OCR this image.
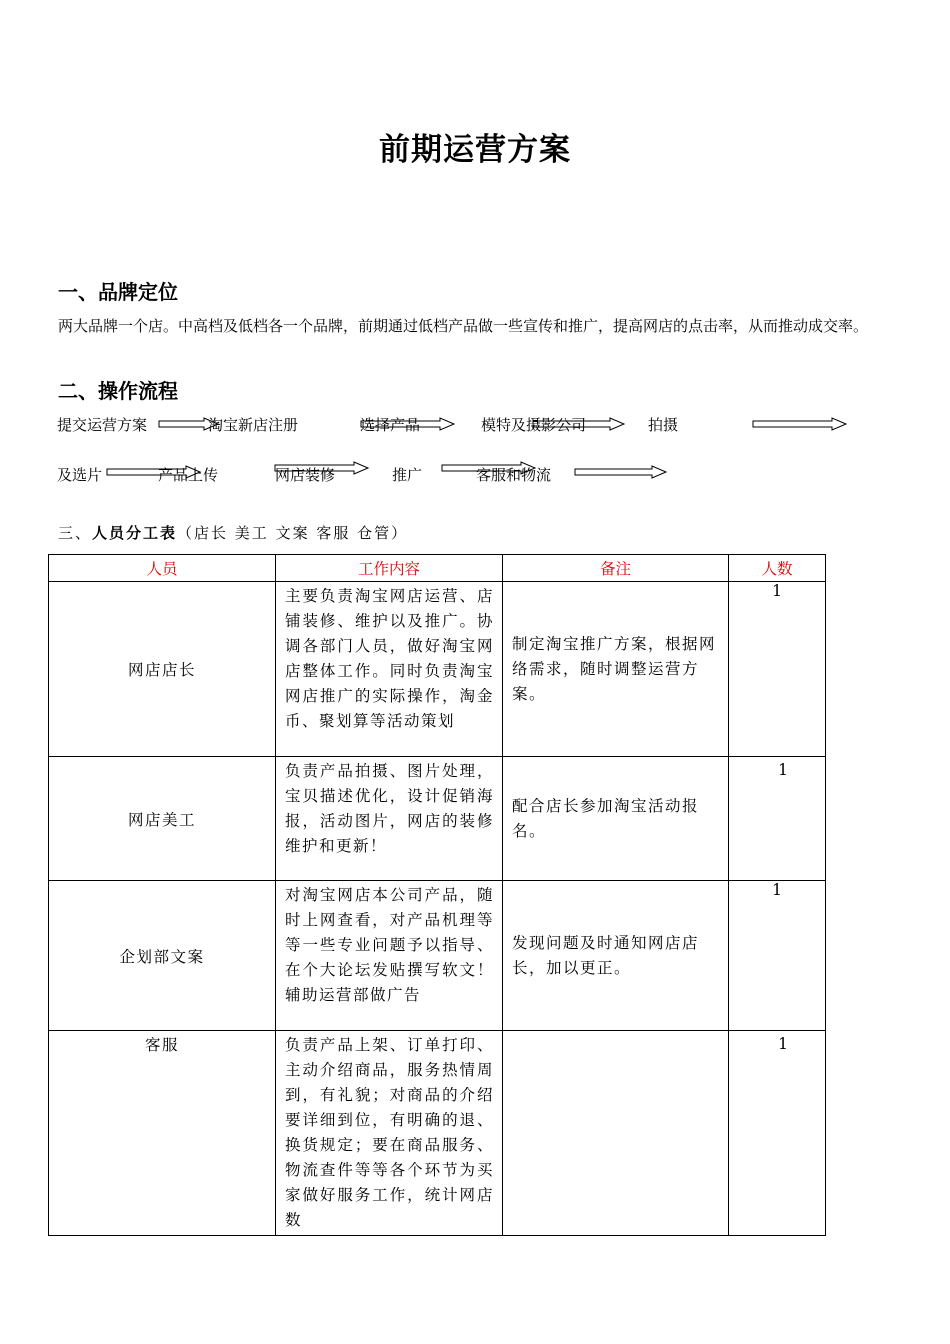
前期运营方案
一、品牌定位
两大品牌一个店。中高档及低档各一个品牌，前期通过低档产品做一些宣传和推广，提高网店的点击率，从而推动成交率。
二、操作流程
提交运营方案	淘宝新店注册	选择产品	模特及摄影公司	拍摄
及选片	产品上传	网店装修	推广	客服和物流
三、人员分工表（店长 美工 文案 客服 仓管）
人员	工作内容	备注	人数
网店店长	主要负责淘宝网店运营、店铺装修、维护以及推广。协调各部门人员，做好淘宝网店整体工作。同时负责淘宝网店推广的实际操作，淘金币、聚划算等活动策划	制定淘宝推广方案，根据网络需求，随时调整运营方案。	1
网店美工	负责产品拍摄、图片处理，宝贝描述优化，设计促销海报，活动图片，网店的装修维护和更新！	配合店长参加淘宝活动报名。	1
企划部文案	对淘宝网店本公司产品，随时上网查看，对产品机理等等一些专业问题予以指导、在个大论坛发贴撰写软文！辅助运营部做广告	发现问题及时通知网店店长，加以更正。	1
客服	负责产品上架、订单打印、主动介绍商品，服务热情周到，有礼貌；对商品的介绍要详细到位，有明确的退、换货规定；要在商品服务、物流查件等等各个环节为买家做好服务工作，统计网店数		1
